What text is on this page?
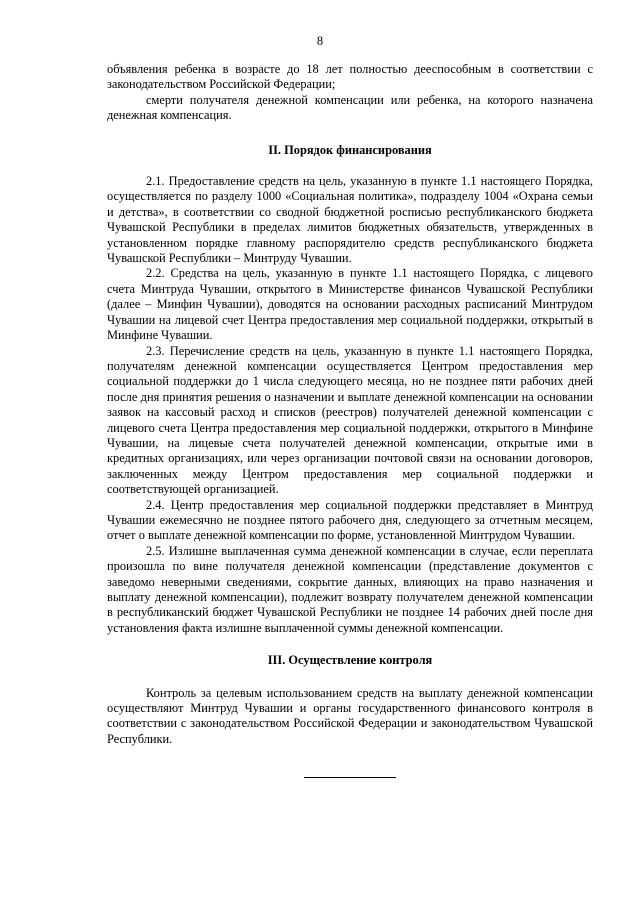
8

объявления ребенка в возрасте до 18 лет полностью дееспособным в соответствии с законодательством Российской Федерации;

смерти получателя денежной компенсации или ребенка, на которого назначена денежная компенсация.

II. Порядок финансирования

2.1. Предоставление средств на цель, указанную в пункте 1.1 настоящего Порядка, осуществляется по разделу 1000 «Социальная политика», подразделу 1004 «Охрана семьи и детства», в соответствии со сводной бюджетной росписью республиканского бюджета Чувашской Республики в пределах лимитов бюджетных обязательств, утвержденных в установленном порядке главному распорядителю средств республиканского бюджета Чувашской Республики – Минтруду Чувашии.

2.2. Средства на цель, указанную в пункте 1.1 настоящего Порядка, с лицевого счета Минтруда Чувашии, открытого в Министерстве финансов Чувашской Республики (далее – Минфин Чувашии), доводятся на основании расходных расписаний Минтрудом Чувашии на лицевой счет Центра предоставления мер социальной поддержки, открытый в Минфине Чувашии.

2.3. Перечисление средств на цель, указанную в пункте 1.1 настоящего Порядка, получателям денежной компенсации осуществляется Центром предоставления мер социальной поддержки до 1 числа следующего месяца, но не позднее пяти рабочих дней после дня принятия решения о назначении и выплате денежной компенсации на основании заявок на кассовый расход и списков (реестров) получателей денежной компенсации с лицевого счета Центра предоставления мер социальной поддержки, открытого в Минфине Чувашии, на лицевые счета получателей денежной компенсации, открытые ими в кредитных организациях, или через организации почтовой связи на основании договоров, заключенных между Центром предоставления мер социальной поддержки и соответствующей организацией.

2.4. Центр предоставления мер социальной поддержки представляет в Минтруд Чувашии ежемесячно не позднее пятого рабочего дня, следующего за отчетным месяцем, отчет о выплате денежной компенсации по форме, установленной Минтрудом Чувашии.

2.5. Излишне выплаченная сумма денежной компенсации в случае, если переплата произошла по вине получателя денежной компенсации (представление документов с заведомо неверными сведениями, сокрытие данных, влияющих на право назначения и выплату денежной компенсации), подлежит возврату получателем денежной компенсации в республиканский бюджет Чувашской Республики не позднее 14 рабочих дней после дня установления факта излишне выплаченной суммы денежной компенсации.

III. Осуществление контроля

Контроль за целевым использованием средств на выплату денежной компенсации осуществляют Минтруд Чувашии и органы государственного финансового контроля в соответствии с законодательством Российской Федерации и законодательством Чувашской Республики.
